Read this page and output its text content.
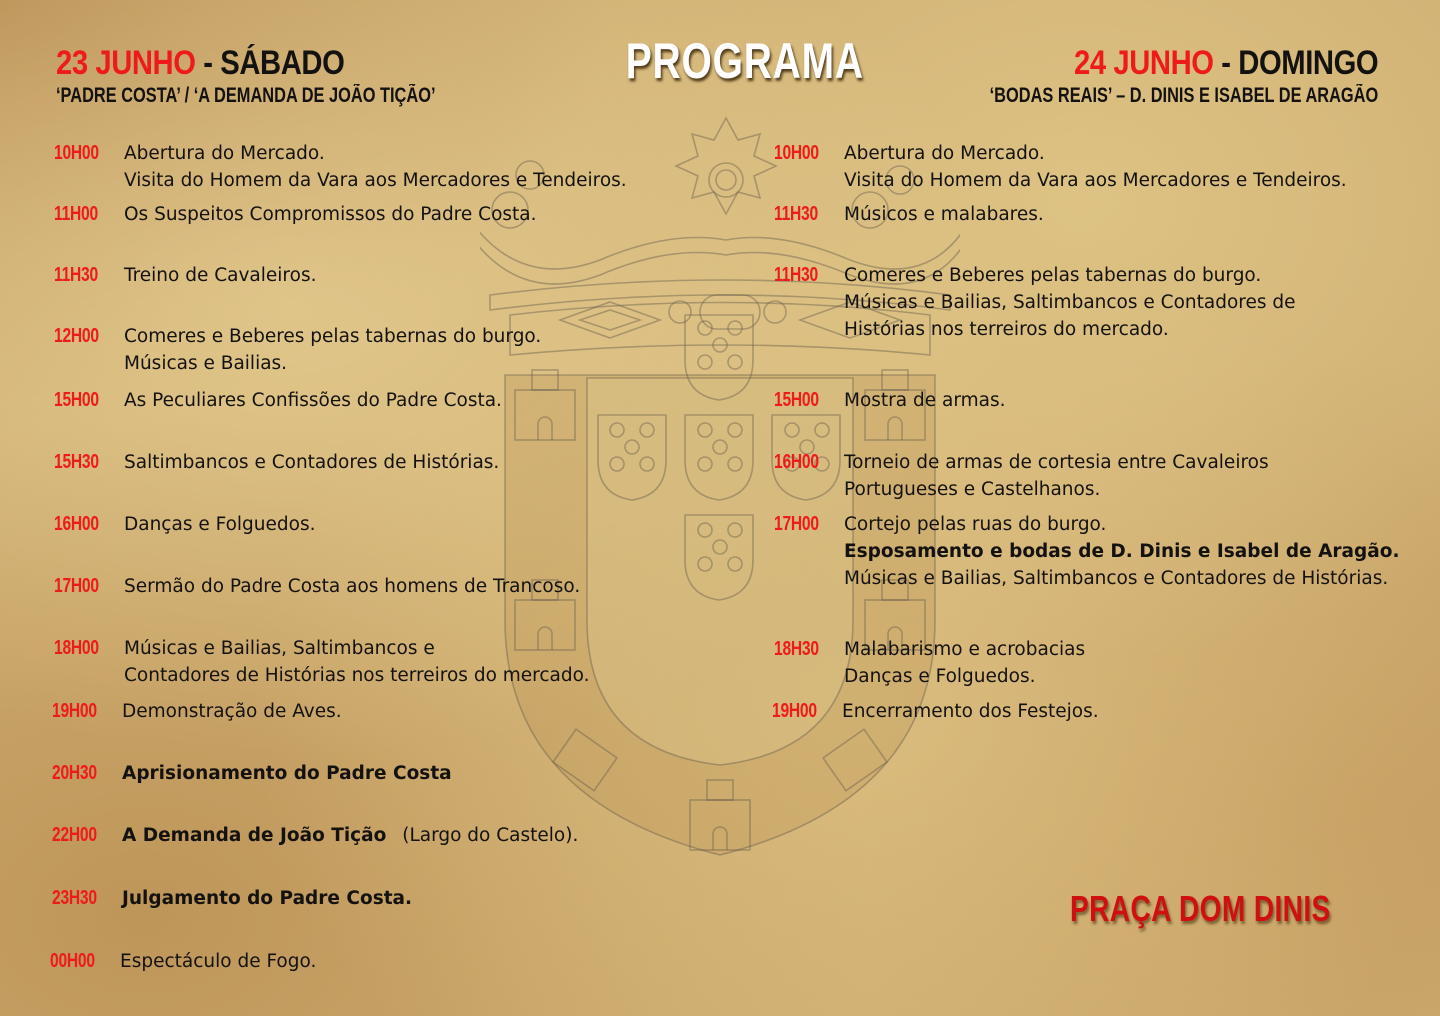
PROGRAMA
23 JUNHO - SÁBADO
‘PADRE COSTA’ / ‘A DEMANDA DE JOÃO TIÇÃO’
24 JUNHO - DOMINGO
‘BODAS REAIS’ – D. DINIS E ISABEL DE ARAGÃO
10H00	Abertura do Mercado.
Visita do Homem da Vara aos Mercadores e Tendeiros.
11H00	Os Suspeitos Compromissos do Padre Costa.
11H30	Treino de Cavaleiros.
12H00	Comeres e Beberes pelas tabernas do burgo.
Músicas e Bailias.
15H00	As Peculiares Confissões do Padre Costa.
15H30	Saltimbancos e Contadores de Histórias.
16H00	Danças e Folguedos.
17H00	Sermão do Padre Costa aos homens de Trancoso.
18H00	Músicas e Bailias, Saltimbancos e
Contadores de Histórias nos terreiros do mercado.
19H00	Demonstração de Aves.
20H30	Aprisionamento do Padre Costa
22H00	A Demanda de João Tição (Largo do Castelo).
23H30	Julgamento do Padre Costa.
00H00	Espectáculo de Fogo.
10H00	Abertura do Mercado.
Visita do Homem da Vara aos Mercadores e Tendeiros.
11H30	Músicos e malabares.
11H30	Comeres e Beberes pelas tabernas do burgo.
Músicas e Bailias, Saltimbancos e Contadores de
Histórias nos terreiros do mercado.
15H00	Mostra de armas.
16H00	Torneio de armas de cortesia entre Cavaleiros
Portugueses e Castelhanos.
17H00	Cortejo pelas ruas do burgo.
Esposamento e bodas de D. Dinis e Isabel de Aragão.
Músicas e Bailias, Saltimbancos e Contadores de Histórias.
18H30	Malabarismo e acrobacias
Danças e Folguedos.
19H00	Encerramento dos Festejos.
PRAÇA DOM DINIS
